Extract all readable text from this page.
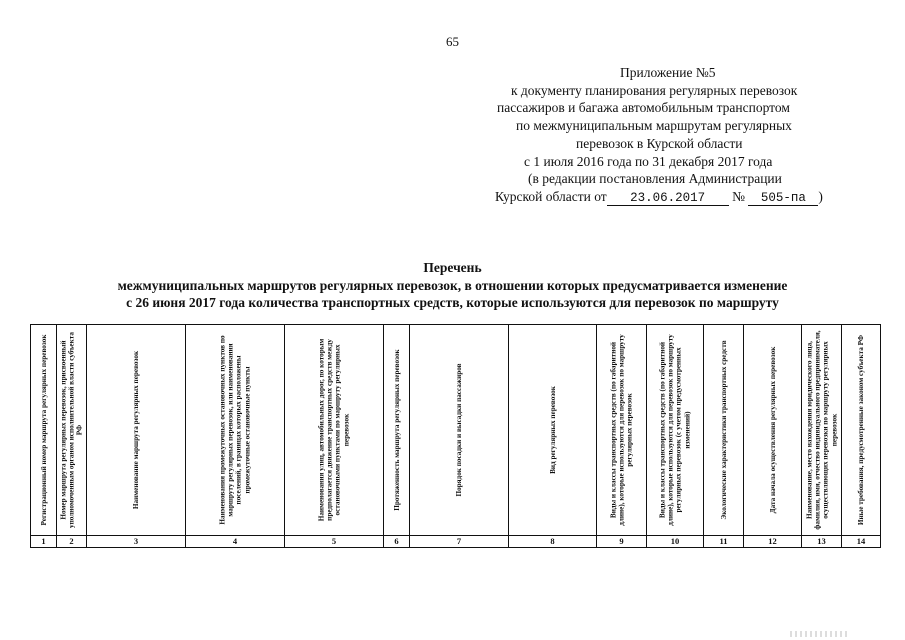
65
Приложение №5
к документу планирования регулярных перевозок
пассажиров и багажа автомобильным транспортом
по межмуниципальным маршрутам регулярных
перевозок в Курской области
с 1 июля 2016 года по 31 декабря 2017 года
(в редакции постановления Администрации
Курской области от 23.06.2017 № 505-па )
Перечень
межмуниципальных маршрутов регулярных перевозок, в отношении которых предусматривается изменение
с 26 июня 2017 года количества транспортных средств, которые используются для перевозок по маршруту
Регистрационный номер маршрута регулярных перевозок	Номер маршрута регулярных перевозок, присвоенный уполномоченным органом исполнительной власти субъекта РФ	Наименование маршрута регулярных перевозок	Наименования промежуточных остановочных пунктов по маршруту регулярных перевозок, или наименования поселений, в границах которых расположены промежуточные остановочные пункты	Наименования улиц, автомобильных дорог, по которым предполагается движение транспортных средств между остановочными пунктами по маршруту регулярных перевозок	Протяженность маршрута регулярных перевозок	Порядок посадки и высадки пассажиров	Вид регулярных перевозок	Виды и классы транспортных средств (по габаритной длине), которые используются для перевозок по маршруту регулярных перевозок	Виды и классы транспортных средств (по габаритной длине), которые используются для перевозок по маршруту регулярных перевозок (с учетом предусмотренных изменений)	Экологические характеристики транспортных средств	Дата начала осуществления регулярных перевозок	Наименование, место нахождения юридического лица, фамилия, имя, отчество индивидуального предпринимателя, осуществляющих перевозки по маршруту регулярных перевозок	Иные требования, предусмотренные законом субъекта РФ

1	2	3	4	5	6	7	8	9	10	11	12	13	14
